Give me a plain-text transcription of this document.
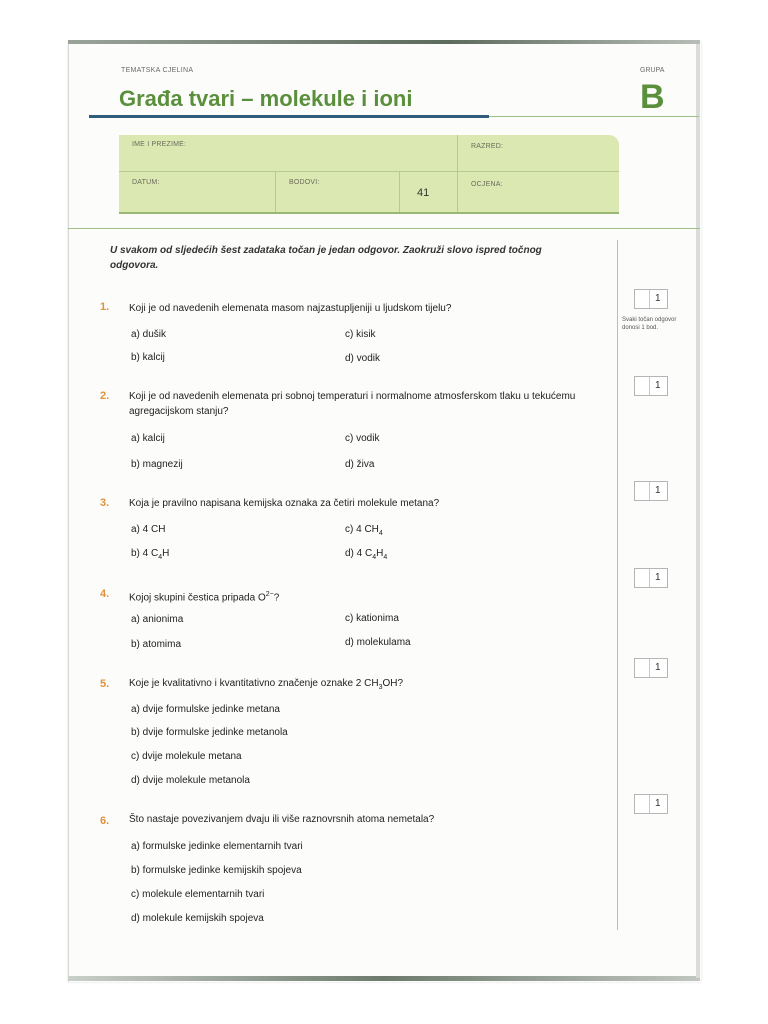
TEMATSKA CJELINA
Građa tvari – molekule i ioni
GRUPA
B
IME I PREZIME:	RAZRED:
DATUM:	BODOVI:
41
OCJENA:
U svakom od sljedećih šest zadataka točan je jedan odgovor. Zaokruži slovo ispred točnog odgovora.
Svaki točan odgovor donosi 1 bod.
1. Koji je od navedenih elemenata masom najzastupljeniji u ljudskom tijelu?
a) dušik
b) kalcij
c) kisik
d) vodik
1
2. Koji je od navedenih elemenata pri sobnoj temperaturi i normalnome atmosferskom tlaku u tekućemu agregacijskom stanju?
a) kalcij
b) magnezij
c) vodik
d) živa
1
3. Koja je pravilno napisana kemijska oznaka za četiri molekule metana?
a) 4 CH
b) 4 $C_4H$
c) 4 $CH_4$
d) 4 $C_4H_4$
1
4. Kojoj skupini čestica pripada $O^{2-}$?
a) anionima
b) atomima
c) kationima
d) molekulama
1
5. Koje je kvalitativno i kvantitativno značenje oznake 2 $CH_3OH$?
a) dvije formulske jedinke metana
b) dvije formulske jedinke metanola
c) dvije molekule metana
d) dvije molekule metanola
1
6. Što nastaje povezivanjem dvaju ili više raznovrsnih atoma nemetala?
a) formulske jedinke elementarnih tvari
b) formulske jedinke kemijskih spojeva
c) molekule elementarnih tvari
d) molekule kemijskih spojeva
1
